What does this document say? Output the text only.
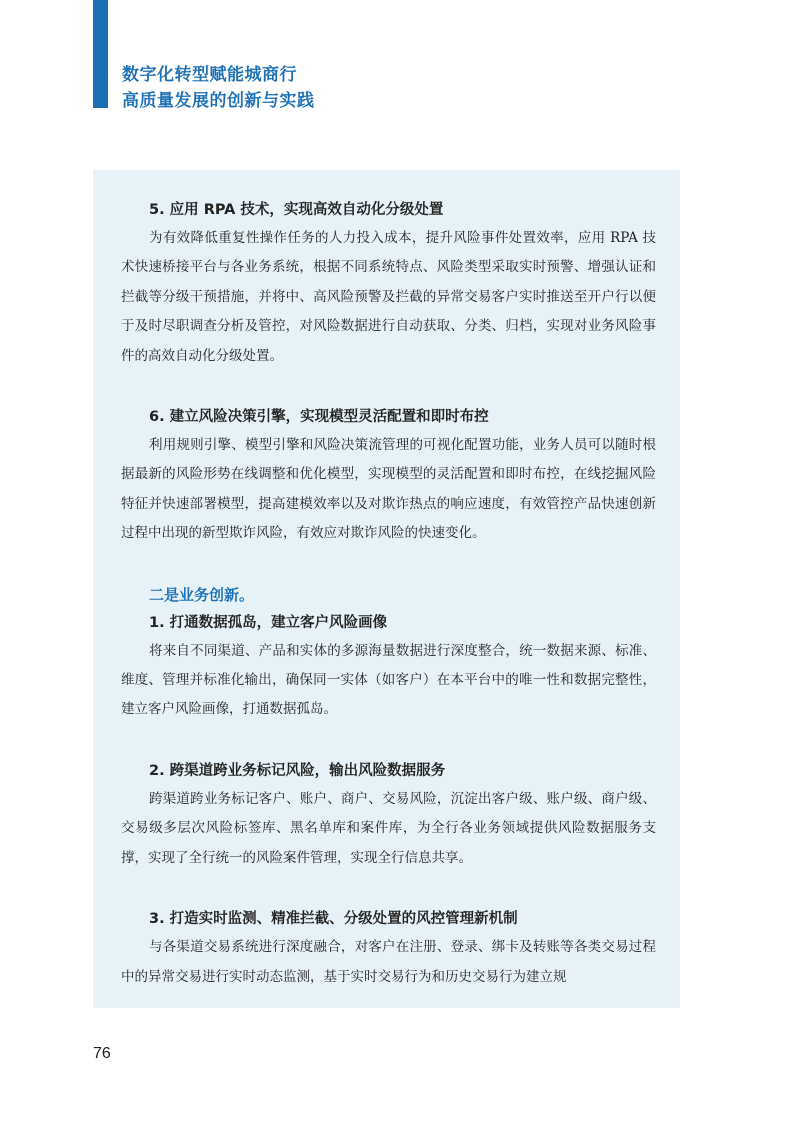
数字化转型赋能城商行
高质量发展的创新与实践
5. 应用 RPA 技术，实现高效自动化分级处置

为有效降低重复性操作任务的人力投入成本，提升风险事件处置效率，应用 RPA 技术快速桥接平台与各业务系统，根据不同系统特点、风险类型采取实时预警、增强认证和拦截等分级干预措施，并将中、高风险预警及拦截的异常交易客户实时推送至开户行以便于及时尽职调查分析及管控，对风险数据进行自动获取、分类、归档，实现对业务风险事件的高效自动化分级处置。

6. 建立风险决策引擎，实现模型灵活配置和即时布控

利用规则引擎、模型引擎和风险决策流管理的可视化配置功能，业务人员可以随时根据最新的风险形势在线调整和优化模型，实现模型的灵活配置和即时布控，在线挖掘风险特征并快速部署模型，提高建模效率以及对欺诈热点的响应速度，有效管控产品快速创新过程中出现的新型欺诈风险，有效应对欺诈风险的快速变化。

二是业务创新。
1. 打通数据孤岛，建立客户风险画像

将来自不同渠道、产品和实体的多源海量数据进行深度整合，统一数据来源、标准、维度、管理并标准化输出，确保同一实体（如客户）在本平台中的唯一性和数据完整性，建立客户风险画像，打通数据孤岛。

2. 跨渠道跨业务标记风险，输出风险数据服务

跨渠道跨业务标记客户、账户、商户、交易风险，沉淀出客户级、账户级、商户级、交易级多层次风险标签库、黑名单库和案件库，为全行各业务领域提供风险数据服务支撑，实现了全行统一的风险案件管理，实现全行信息共享。

3. 打造实时监测、精准拦截、分级处置的风控管理新机制

与各渠道交易系统进行深度融合，对客户在注册、登录、绑卡及转账等各类交易过程中的异常交易进行实时动态监测，基于实时交易行为和历史交易行为建立规

76
